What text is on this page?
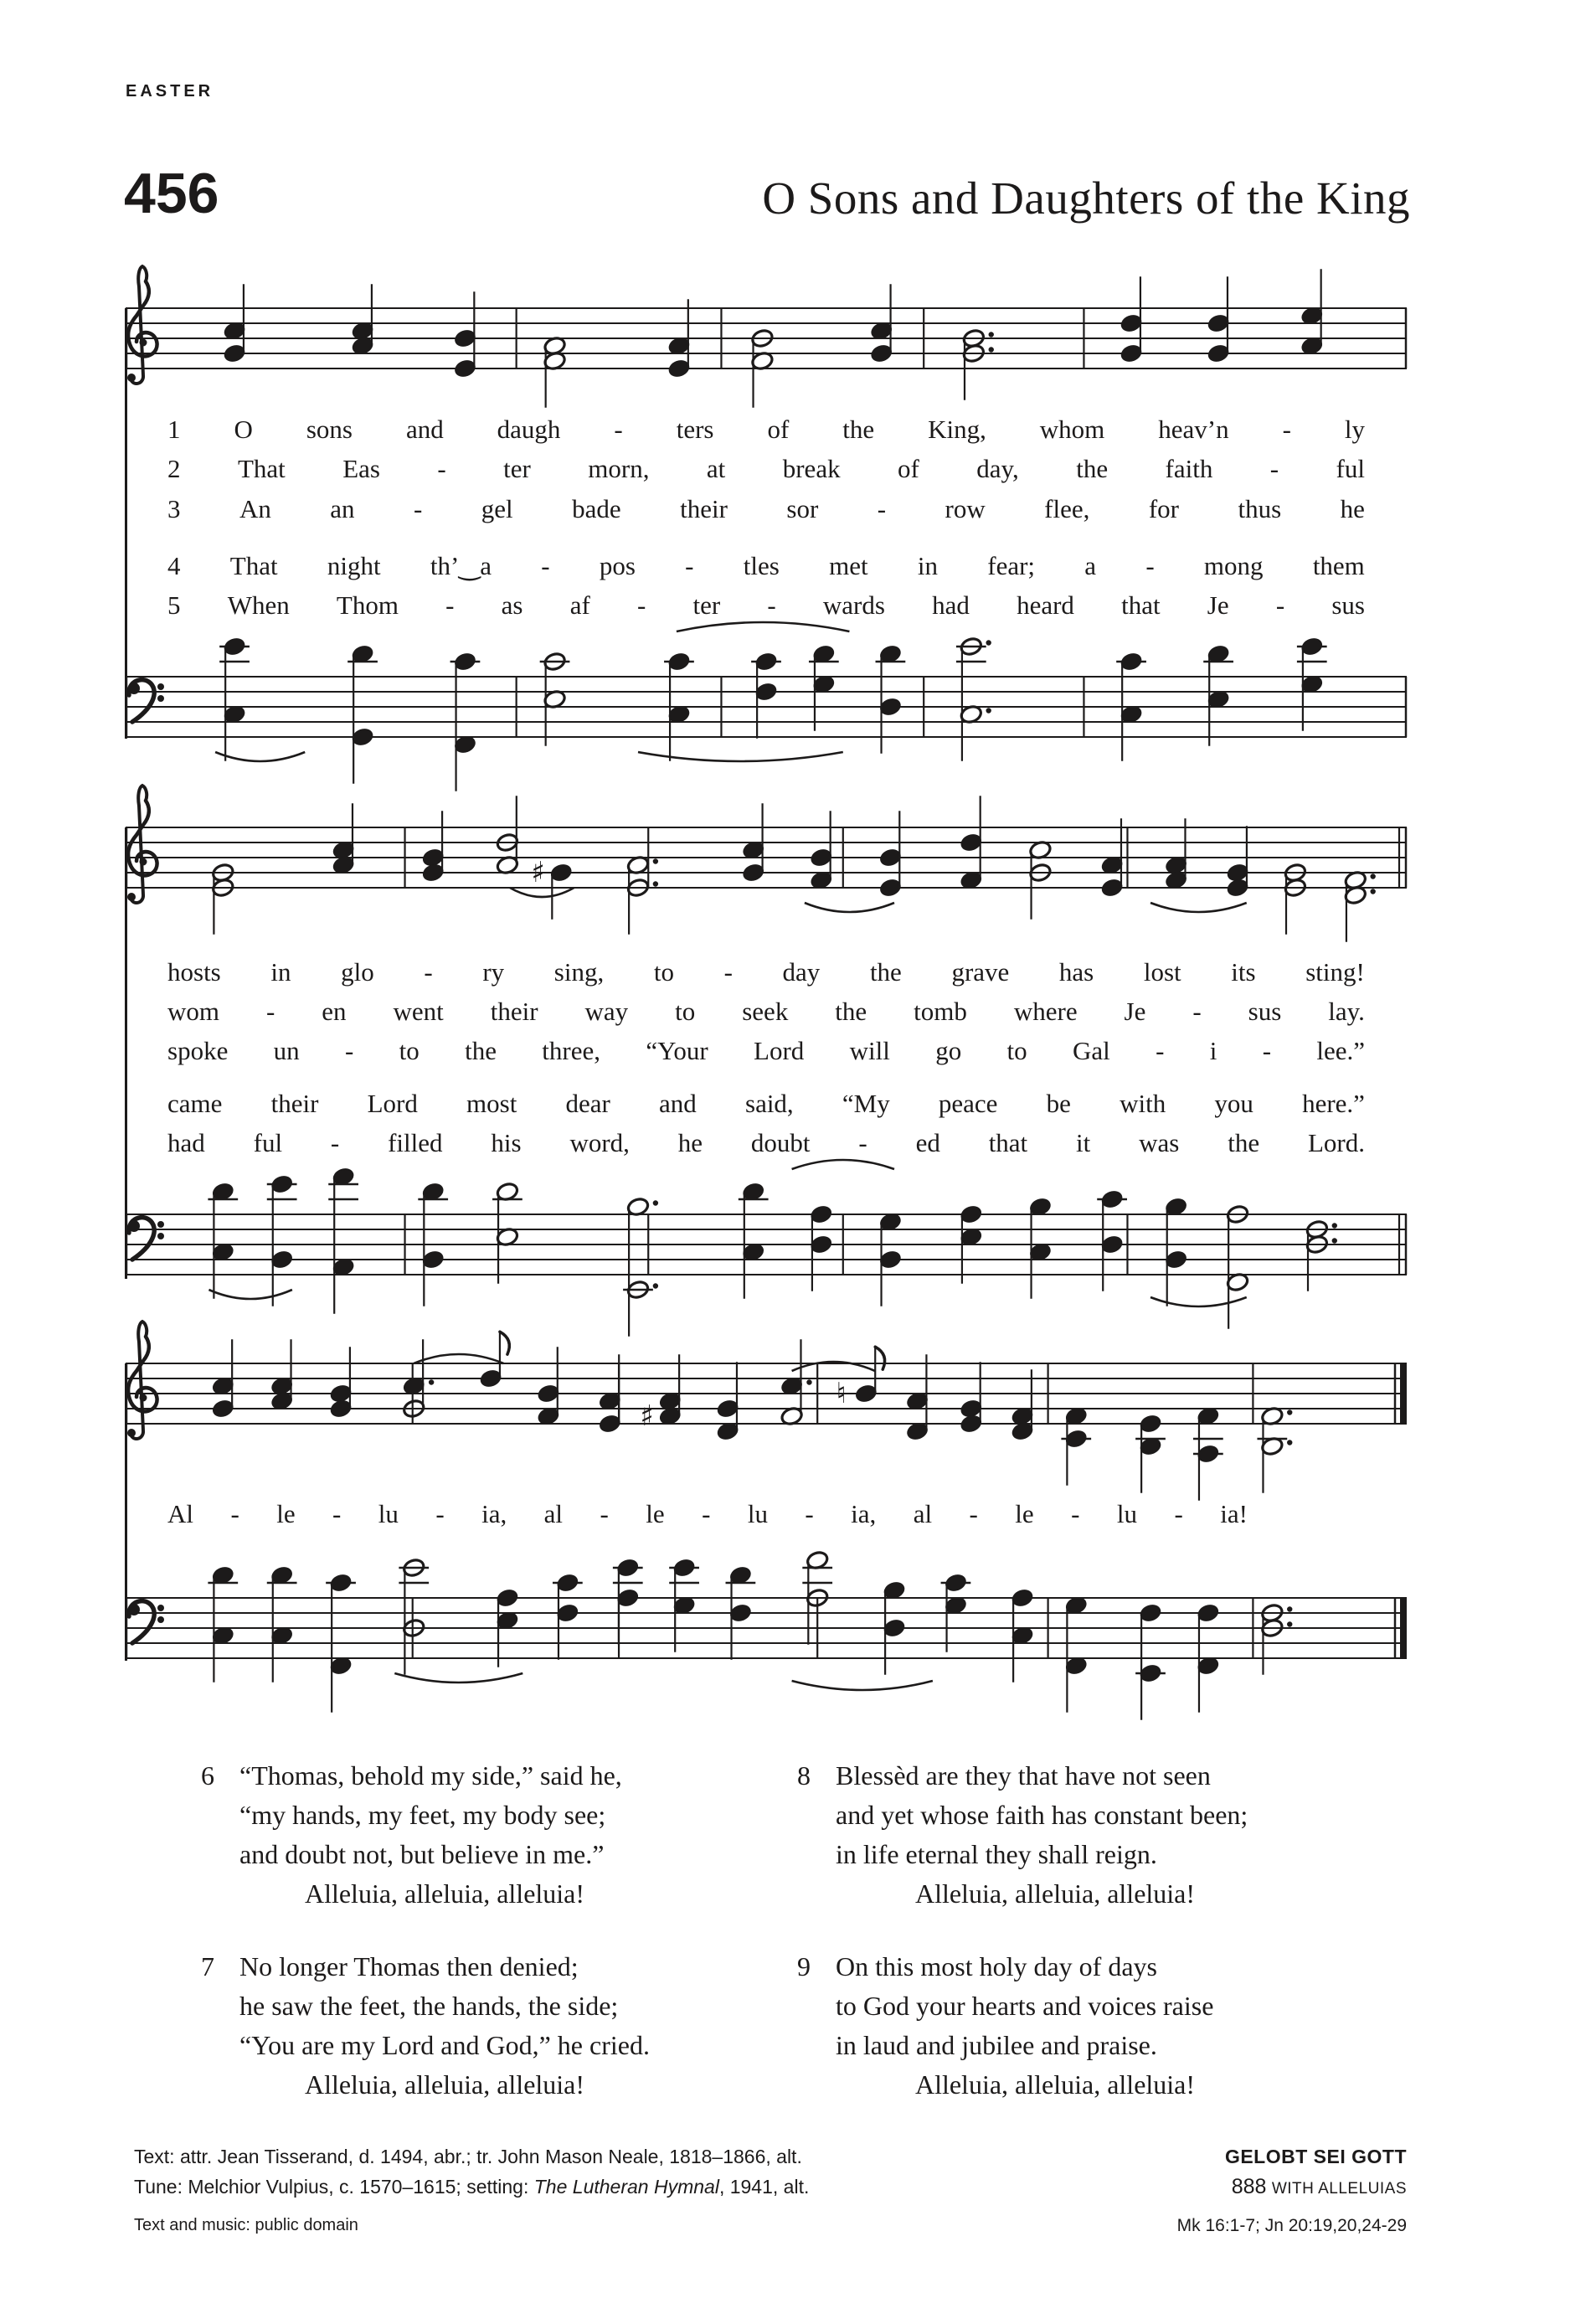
EASTER
456	O Sons and Daughters of the King
♯
♯
♮
1 O sons and daugh - ters of the King, whom heav’n - ly
2 That Eas - ter morn, at break of day, the faith - ful
3 An an - gel bade their sor - row flee, for thus he
4 That night th’‿a - pos - tles met in fear; a - mong them
5 When Thom - as af - ter - wards had heard that Je - sus
hosts in glo - ry sing, to - day the grave has lost its sting!
wom - en went their way to seek the tomb where Je - sus lay.
spoke un - to the three, “Your Lord will go to Gal - i - lee.”
came their Lord most dear and said, “My peace be with you here.”
had ful - filled his word, he doubt - ed that it was the Lord.
Al - le - lu - ia, al - le - lu - ia, al - le - lu - ia!
6 “Thomas, behold my side,” said he,
“my hands, my feet, my body see;
and doubt not, but believe in me.”
Alleluia, alleluia, alleluia!
8 Blessèd are they that have not seen
and yet whose faith has constant been;
in life eternal they shall reign.
Alleluia, alleluia, alleluia!
7 No longer Thomas then denied;
he saw the feet, the hands, the side;
“You are my Lord and God,” he cried.
Alleluia, alleluia, alleluia!
9 On this most holy day of days
to God your hearts and voices raise
in laud and jubilee and praise.
Alleluia, alleluia, alleluia!
Text: attr. Jean Tisserand, d. 1494, abr.; tr. John Mason Neale, 1818–1866, alt.
Tune: Melchior Vulpius, c. 1570–1615; setting: The Lutheran Hymnal, 1941, alt.
Text and music: public domain
GELOBT SEI GOTT
888 WITH ALLELUIAS
Mk 16:1-7; Jn 20:19,20,24-29
